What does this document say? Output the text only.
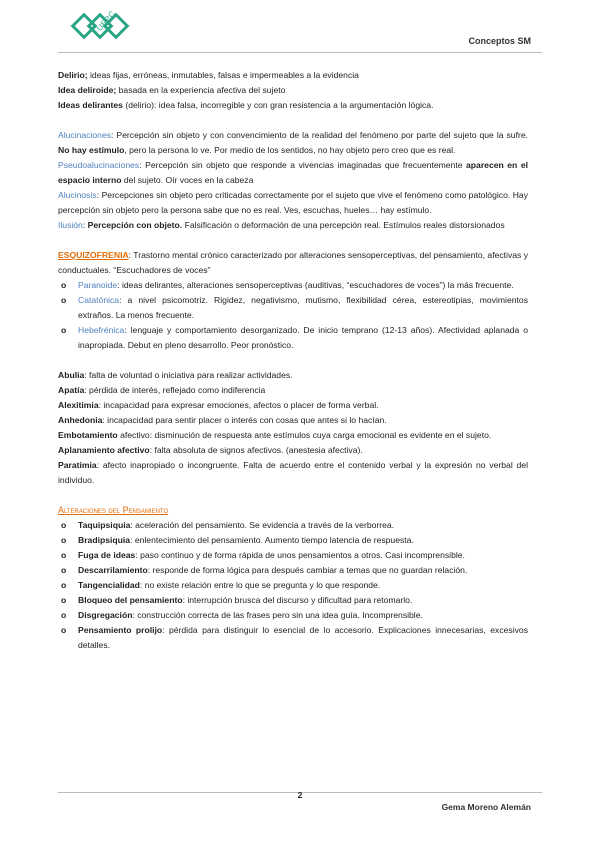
UFPC
Conceptos SM

Delirio; ideas fijas, erróneas, inmutables, falsas e impermeables a la evidencia

Idea deliroide; basada en la experiencia afectiva del sujeto

Ideas delirantes (delirio): idea falsa, incorregible y con gran resistencia a la argumentación lógica.

Alucinaciones: Percepción sin objeto y con convencimiento de la realidad del fenómeno por parte del sujeto que la sufre. No hay estímulo, pero la persona lo ve. Por medio de los sentidos, no hay objeto pero creo que es real.

Pseudoalucinaciones: Percepción sin objeto que responde a vivencias imaginadas que frecuentemente aparecen en el espacio interno del sujeto. Oír voces en la cabeza

Alucinosis: Percepciones sin objeto pero criticadas correctamente por el sujeto que vive el fenómeno como patológico. Hay percepción sin objeto pero la persona sabe que no es real. Ves, escuchas, hueles… hay estímulo.

Ilusión: Percepción con objeto. Falsificación o deformación de una percepción real. Estímulos reales distorsionados

ESQUIZOFRENIA: Trastorno mental crónico caracterizado por alteraciones sensoperceptivas, del pensamiento, afectivas y conductuales. “Escuchadores de voces”

o Paranoide: ideas delirantes, alteraciones sensoperceptivas (auditivas, “escuchadores de voces”) la más frecuente.
o Catatónica: a nivel psicomotriz. Rigidez, negativismo, mutismo, flexibilidad cérea, estereotipias, movimientos extraños. La menos frecuente.
o Hebefrénica: lenguaje y comportamiento desorganizado. De inicio temprano (12-13 años). Afectividad aplanada o inapropiada. Debut en pleno desarrollo. Peor pronóstico.

Abulia: falta de voluntad o iniciativa para realizar actividades.

Apatía: pérdida de interés, reflejado como indiferencia

Alexitimia: incapacidad para expresar emociones, afectos o placer de forma verbal.

Anhedonia: incapacidad para sentir placer o interés con cosas que antes si lo hacían.

Embotamiento afectivo: disminución de respuesta ante estímulos cuya carga emocional es evidente en el sujeto.

Aplanamiento afectivo: falta absoluta de signos afectivos. (anestesia afectiva).

Paratimia: afecto inapropiado o incongruente. Falta de acuerdo entre el contenido verbal y la expresión no verbal del individuo.

Alteraciones del Pensamiento

o Taquipsiquia: aceleración del pensamiento. Se evidencia a través de la verborrea.
o Bradipsiquia: enlentecimiento del pensamiento. Aumento tiempo latencia de respuesta.
o Fuga de ideas: paso continuo y de forma rápida de unos pensamientos a otros. Casi incomprensible.
o Descarrilamiento: responde de forma lógica para después cambiar a temas que no guardan relación.
o Tangencialidad: no existe relación entre lo que se pregunta y lo que responde.
o Bloqueo del pensamiento: interrupción brusca del discurso y dificultad para retomarlo.
o Disgregación: construcción correcta de las frases pero sin una idea guía. Incomprensible.
o Pensamiento prolijo: pérdida para distinguir lo esencial de lo accesorio. Explicaciones innecesarias, excesivos detalles.
2
Gema Moreno Alemán
